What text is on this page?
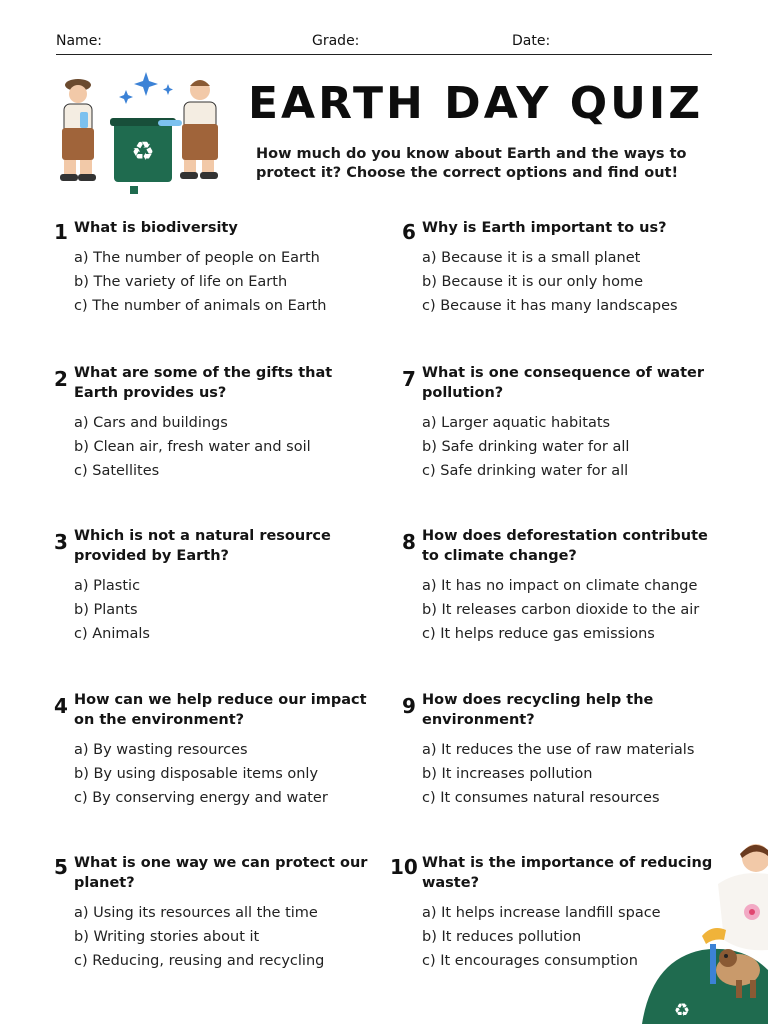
Name:	Grade:	Date:
♻
EARTH DAY QUIZ
How much do you know about Earth and the ways to protect it? Choose the correct options and find out!
1 What is biodiversity
a) The number of people on Earth
b) The variety of life on Earth
c) The number of animals on Earth
2 What are some of the gifts that Earth provides us?
a) Cars and buildings
b) Clean air, fresh water and soil
c) Satellites
3 Which is not a natural resource provided by Earth?
a) Plastic
b) Plants
c) Animals
4 How can we help reduce our impact on the environment?
a) By wasting resources
b) By using disposable items only
c) By conserving energy and water
5 What is one way we can protect our planet?
a) Using its resources all the time
b) Writing stories about it
c) Reducing, reusing and recycling
6 Why is Earth important to us?
a) Because it is a small planet
b) Because it is our only home
c) Because it has many landscapes
7 What is one consequence of water pollution?
a) Larger aquatic habitats
b) Safe drinking water for all
c) Safe drinking water for all
8 How does deforestation contribute to climate change?
a) It has no impact on climate change
b) It releases carbon dioxide to the air
c) It helps reduce gas emissions
9 How does recycling help the environment?
a) It reduces the use of raw materials
b) It increases pollution
c) It consumes natural resources
10 What is the importance of reducing waste?
a) It helps increase landfill space
b) It reduces pollution
c) It encourages consumption
♻
